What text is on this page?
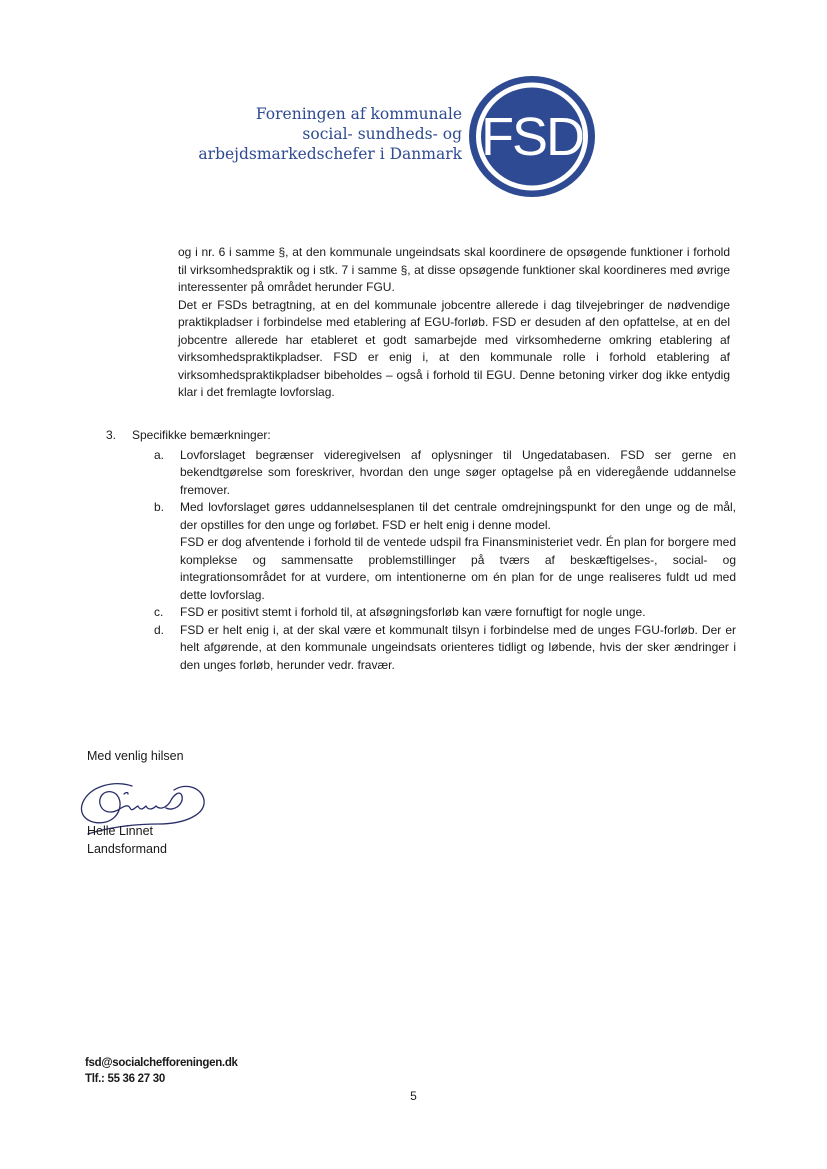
Foreningen af kommunale
social- sundheds- og
arbejdsmarkedschefer i Danmark FSD

og i nr. 6 i samme §, at den kommunale ungeindsats skal koordinere de opsøgende funktioner i forhold til virksomhedspraktik og i stk. 7 i samme §, at disse opsøgende funktioner skal koordineres med øvrige interessenter på området herunder FGU.

Det er FSDs betragtning, at en del kommunale jobcentre allerede i dag tilvejebringer de nødvendige praktikpladser i forbindelse med etablering af EGU-forløb. FSD er desuden af den opfattelse, at en del jobcentre allerede har etableret et godt samarbejde med virksomhederne omkring etablering af virksomhedspraktikpladser. FSD er enig i, at den kommunale rolle i forhold etablering af virksomhedspraktikpladser bibeholdes – også i forhold til EGU. Denne betoning virker dog ikke entydig klar i det fremlagte lovforslag.

3.	Specifikke bemærkninger:
a. Lovforslaget begrænser videregivelsen af oplysninger til Ungedatabasen. FSD ser gerne en bekendtgørelse som foreskriver, hvordan den unge søger optagelse på en videregående uddannelse fremover.
b. Med lovforslaget gøres uddannelsesplanen til det centrale omdrejningspunkt for den unge og de mål, der opstilles for den unge og forløbet. FSD er helt enig i denne model.
FSD er dog afventende i forhold til de ventede udspil fra Finansministeriet vedr. Én plan for borgere med komplekse og sammensatte problemstillinger på tværs af beskæftigelses-, social- og integrationsområdet for at vurdere, om intentionerne om én plan for de unge realiseres fuldt ud med dette lovforslag.
c. FSD er positivt stemt i forhold til, at afsøgningsforløb kan være fornuftigt for nogle unge.
d. FSD er helt enig i, at der skal være et kommunalt tilsyn i forbindelse med de unges FGU-forløb. Der er helt afgørende, at den kommunale ungeindsats orienteres tidligt og løbende, hvis der sker ændringer i den unges forløb, herunder vedr. fravær.
Med venlig hilsen
Helle Linnet
Landsformand
fsd@socialchefforeningen.dk
Tlf.: 55 36 27 30
5
